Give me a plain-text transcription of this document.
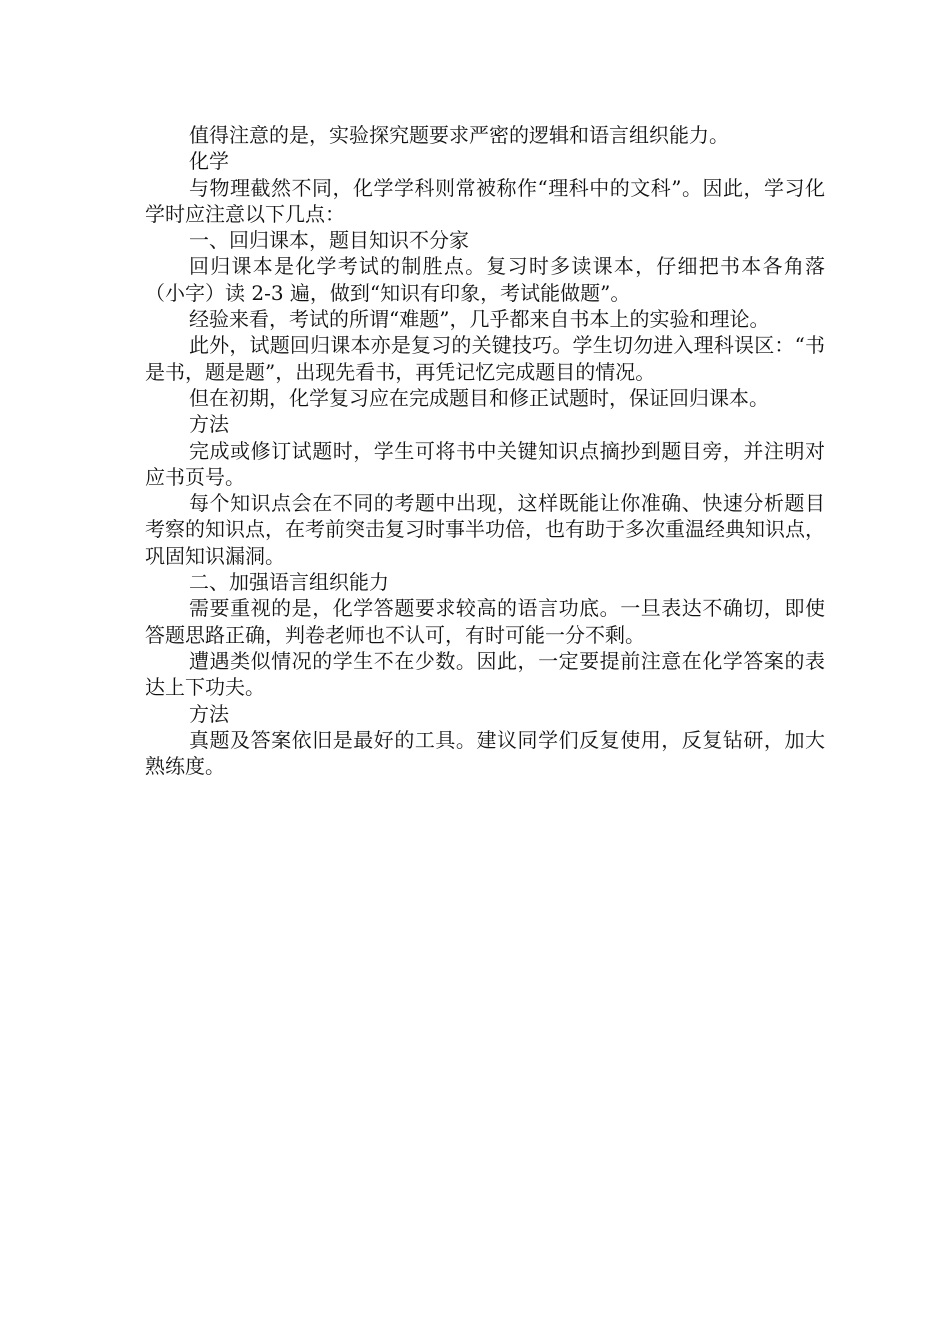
值得注意的是，实验探究题要求严密的逻辑和语言组织能力。

化学

与物理截然不同，化学学科则常被称作“理科中的文科”。因此，学习化学时应注意以下几点：

一、回归课本，题目知识不分家

回归课本是化学考试的制胜点。复习时多读课本，仔细把书本各角落（小字）读 2-3 遍，做到“知识有印象，考试能做题”。

经验来看，考试的所谓“难题”，几乎都来自书本上的实验和理论。

此外，试题回归课本亦是复习的关键技巧。学生切勿进入理科误区：“书是书，题是题”，出现先看书，再凭记忆完成题目的情况。

但在初期，化学复习应在完成题目和修正试题时，保证回归课本。

方法

完成或修订试题时，学生可将书中关键知识点摘抄到题目旁，并注明对应书页号。

每个知识点会在不同的考题中出现，这样既能让你准确、快速分析题目考察的知识点，在考前突击复习时事半功倍，也有助于多次重温经典知识点，巩固知识漏洞。

二、加强语言组织能力

需要重视的是，化学答题要求较高的语言功底。一旦表达不确切，即使答题思路正确，判卷老师也不认可，有时可能一分不剩。

遭遇类似情况的学生不在少数。因此，一定要提前注意在化学答案的表达上下功夫。

方法

真题及答案依旧是最好的工具。建议同学们反复使用，反复钻研，加大熟练度。
